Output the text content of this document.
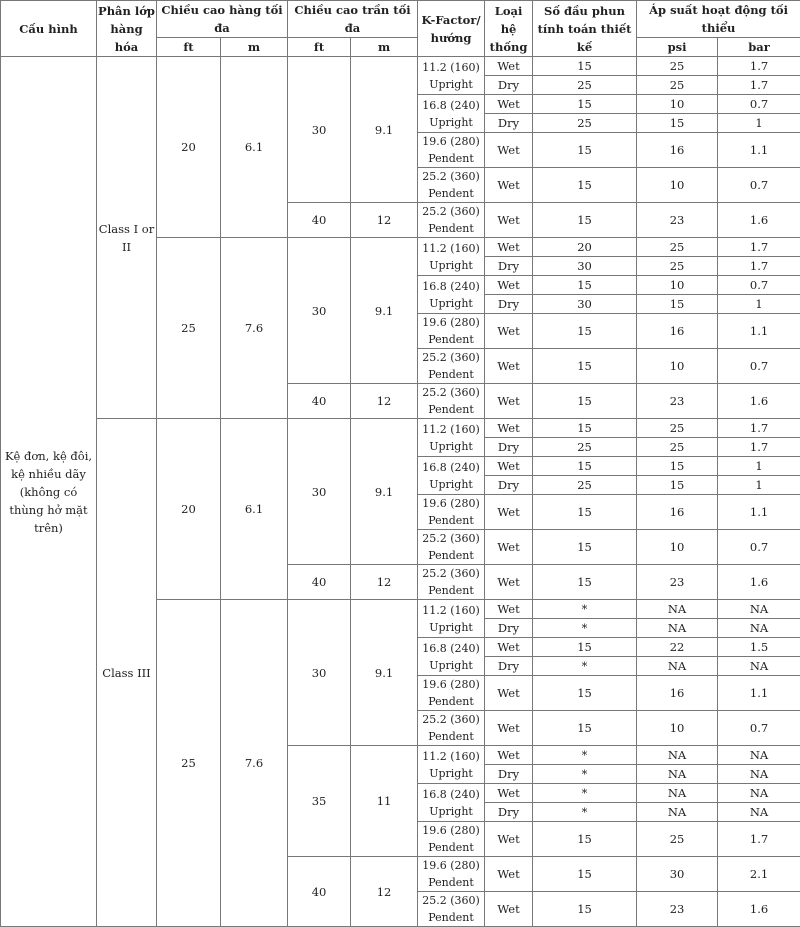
Cấu hình	Phân lớp hàng hóa	Chiều cao hàng tối đa		Chiều cao trần tối đa		K-Factor/ hướng	Loại hệ thống	Số đầu phun tính toán thiết kế	Áp suất hoạt động tối thiểu	
		ft	m	ft	m				psi	bar
Kệ đơn, kệ đôi, kệ nhiều dãy (không có thùng hở mặt trên)	Class I or II	20	6.1	30	9.1	11.2 (160) Upright	Wet	15	25	1.7
							Dry	25	25	1.7
						16.8 (240) Upright	Wet	15	10	0.7
							Dry	25	15	1
						19.6 (280) Pendent	Wet	15	16	1.1
						25.2 (360) Pendent	Wet	15	10	0.7
				40	12	25.2 (360) Pendent	Wet	15	23	1.6
		25	7.6	30	9.1	11.2 (160) Upright	Wet	20	25	1.7
							Dry	30	25	1.7
						16.8 (240) Upright	Wet	15	10	0.7
							Dry	30	15	1
						19.6 (280) Pendent	Wet	15	16	1.1
						25.2 (360) Pendent	Wet	15	10	0.7
				40	12	25.2 (360) Pendent	Wet	15	23	1.6
	Class III	20	6.1	30	9.1	11.2 (160) Upright	Wet	15	25	1.7
							Dry	25	25	1.7
						16.8 (240) Upright	Wet	15	15	1
							Dry	25	15	1
						19.6 (280) Pendent	Wet	15	16	1.1
						25.2 (360) Pendent	Wet	15	10	0.7
				40	12	25.2 (360) Pendent	Wet	15	23	1.6
		25	7.6	30	9.1	11.2 (160) Upright	Wet	*	NA	NA
							Dry	*	NA	NA
						16.8 (240) Upright	Wet	15	22	1.5
							Dry	*	NA	NA
						19.6 (280) Pendent	Wet	15	16	1.1
						25.2 (360) Pendent	Wet	15	10	0.7
				35	11	11.2 (160) Upright	Wet	*	NA	NA
							Dry	*	NA	NA
						16.8 (240) Upright	Wet	*	NA	NA
							Dry	*	NA	NA
						19.6 (280) Pendent	Wet	15	25	1.7
				40	12	19.6 (280) Pendent	Wet	15	30	2.1
						25.2 (360) Pendent	Wet	15	23	1.6
